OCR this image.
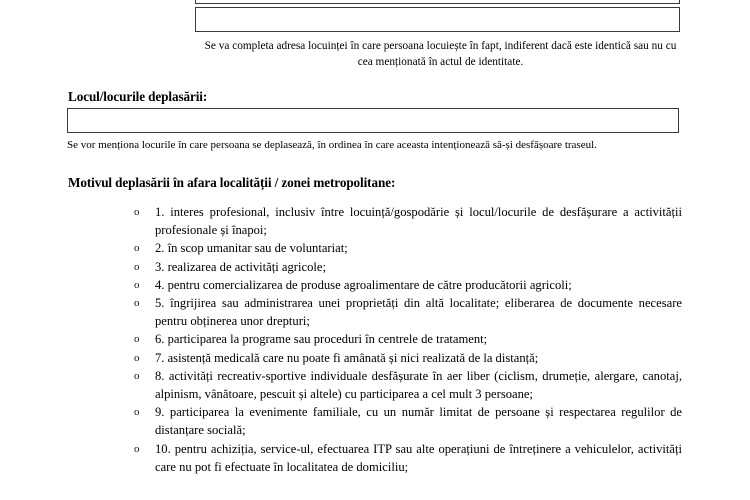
Se va completa adresa locuinței în care persoana locuiește în fapt, indiferent dacă este identică sau nu cu cea menționată în actul de identitate.
Locul/locurile deplasării:
Se vor menționa locurile în care persoana se deplasează, în ordinea în care aceasta intenționează să-și desfășoare traseul.
Motivul deplasării în afara localității / zonei metropolitane:
o	1. interes profesional, inclusiv între locuință/gospodărie și locul/locurile de desfășurare a activității profesionale și înapoi;
o	2. în scop umanitar sau de voluntariat;
o	3. realizarea de activități agricole;
o	4. pentru comercializarea de produse agroalimentare de către producătorii agricoli;
o	5. îngrijirea sau administrarea unei proprietăți din altă localitate; eliberarea de documente necesare pentru obținerea unor drepturi;
o	6. participarea la programe sau proceduri în centrele de tratament;
o	7. asistență medicală care nu poate fi amânată și nici realizată de la distanță;
o	8. activități recreativ-sportive individuale desfășurate în aer liber (ciclism, drumeție, alergare, canotaj, alpinism, vânătoare, pescuit și altele) cu participarea a cel mult 3 persoane;
o	9. participarea la evenimente familiale, cu un număr limitat de persoane și respectarea regulilor de distanțare socială;
o	10. pentru achiziția, service-ul, efectuarea ITP sau alte operațiuni de întreținere a vehiculelor, activități care nu pot fi efectuate în localitatea de domiciliu;
